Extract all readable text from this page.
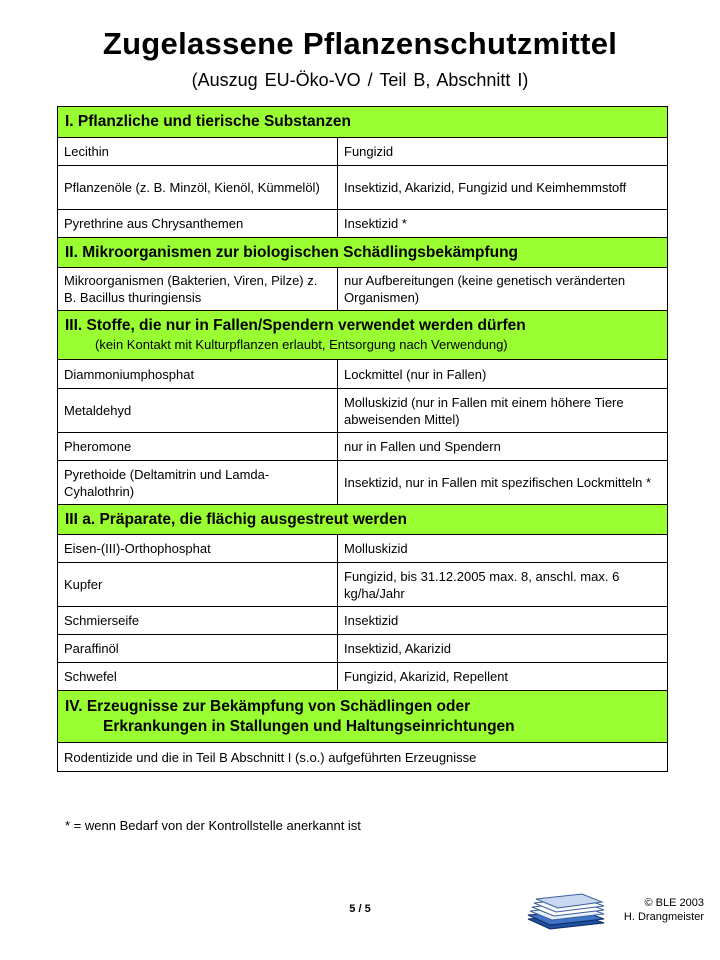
Zugelassene Pflanzenschutzmittel
(Auszug EU-Öko-VO / Teil B, Abschnitt I)
I. Pflanzliche und tierische Substanzen	
Lecithin	Fungizid
Pflanzenöle (z. B. Minzöl, Kienöl, Kümmelöl)	Insektizid, Akarizid, Fungizid und Keimhemmstoff
Pyrethrine aus Chrysanthemen	Insektizid *
II. Mikroorganismen zur biologischen Schädlingsbekämpfung	
Mikroorganismen (Bakterien, Viren, Pilze) z. B. Bacillus thuringiensis	nur Aufbereitungen (keine genetisch veränderten Organismen)
III. Stoffe, die nur in Fallen/Spendern verwendet werden dürfen
(kein Kontakt mit Kulturpflanzen erlaubt, Entsorgung nach Verwendung)	

Diammoniumphosphat	Lockmittel (nur in Fallen)
Metaldehyd	Molluskizid (nur in Fallen mit einem höhere Tiere abweisenden Mittel)
Pheromone	nur in Fallen und Spendern
Pyrethoide (Deltamitrin und Lamda-Cyhalothrin)	Insektizid, nur in Fallen mit spezifischen Lockmitteln *
III a. Präparate, die flächig ausgestreut werden	
Eisen-(III)-Orthophosphat	Molluskizid
Kupfer	Fungizid, bis 31.12.2005 max. 8, anschl. max. 6 kg/ha/Jahr
Schmierseife	Insektizid
Paraffinöl	Insektizid, Akarizid
Schwefel	Fungizid, Akarizid, Repellent

IV. Erzeugnisse zur Bekämpfung von Schädlingen oder
Erkrankungen in Stallungen und Haltungseinrichtungen	

Rodentizide und die in Teil B Abschnitt I (s.o.) aufgeführten Erzeugnisse	
* = wenn Bedarf von der Kontrollstelle anerkannt ist
5 / 5	© BLE 2003
H. Drangmeister
